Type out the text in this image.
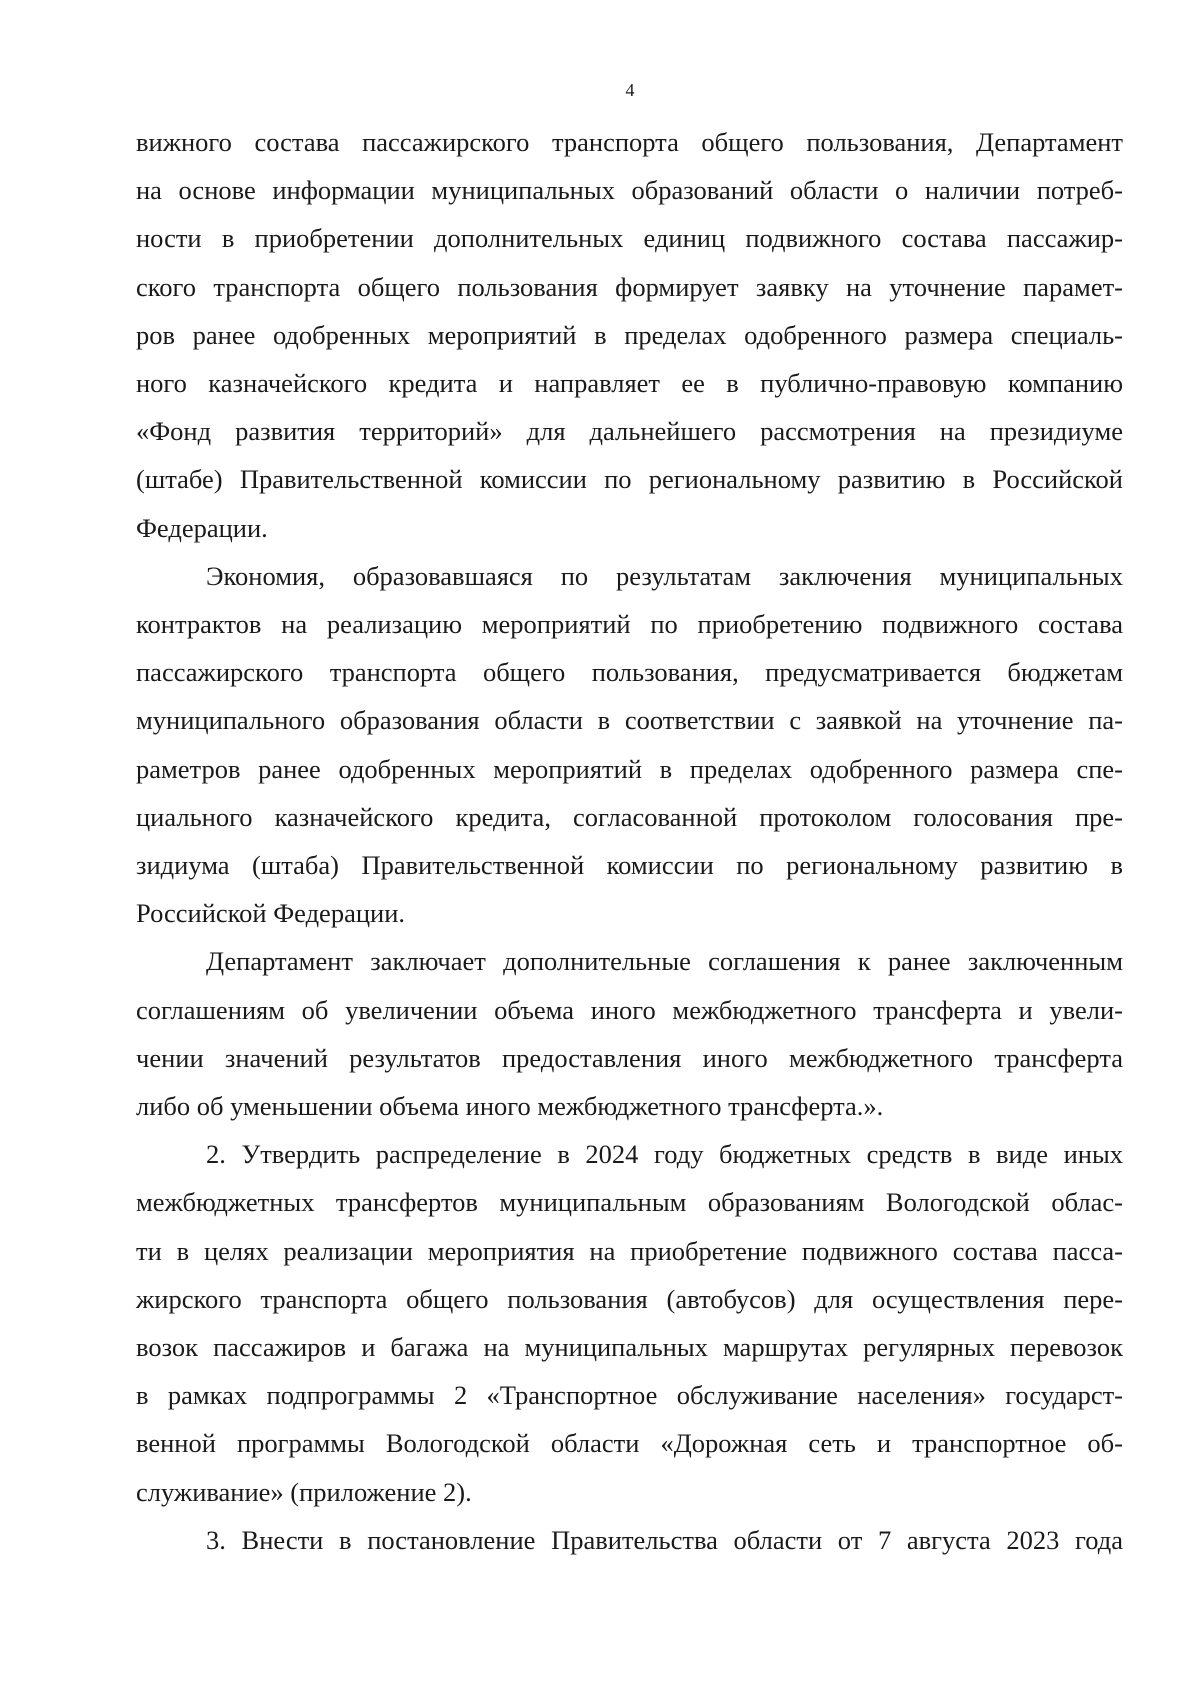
4

вижного состава пассажирского транспорта общего пользования, Департамент
на основе информации муниципальных образований области о наличии потреб-
ности в приобретении дополнительных единиц подвижного состава пассажир-
ского транспорта общего пользования формирует заявку на уточнение парамет-
ров ранее одобренных мероприятий в пределах одобренного размера специаль-
ного казначейского кредита и направляет ее в публично-правовую компанию
«Фонд развития территорий» для дальнейшего рассмотрения на президиуме
(штабе) Правительственной комиссии по региональному развитию в Российской
Федерации.

Экономия, образовавшаяся по результатам заключения муниципальных
контрактов на реализацию мероприятий по приобретению подвижного состава
пассажирского транспорта общего пользования, предусматривается бюджетам
муниципального образования области в соответствии с заявкой на уточнение па-
раметров ранее одобренных мероприятий в пределах одобренного размера спе-
циального казначейского кредита, согласованной протоколом голосования пре-
зидиума (штаба) Правительственной комиссии по региональному развитию в
Российской Федерации.

Департамент заключает дополнительные соглашения к ранее заключенным
соглашениям об увеличении объема иного межбюджетного трансферта и увели-
чении значений результатов предоставления иного межбюджетного трансферта
либо об уменьшении объема иного межбюджетного трансферта.».

2. Утвердить распределение в 2024 году бюджетных средств в виде иных
межбюджетных трансфертов муниципальным образованиям Вологодской облас-
ти в целях реализации мероприятия на приобретение подвижного состава пасса-
жирского транспорта общего пользования (автобусов) для осуществления пере-
возок пассажиров и багажа на муниципальных маршрутах регулярных перевозок
в рамках подпрограммы 2 «Транспортное обслуживание населения» государст-
венной программы Вологодской области «Дорожная сеть и транспортное об-
служивание» (приложение 2).

3. Внести в постановление Правительства области от 7 августа 2023 года
